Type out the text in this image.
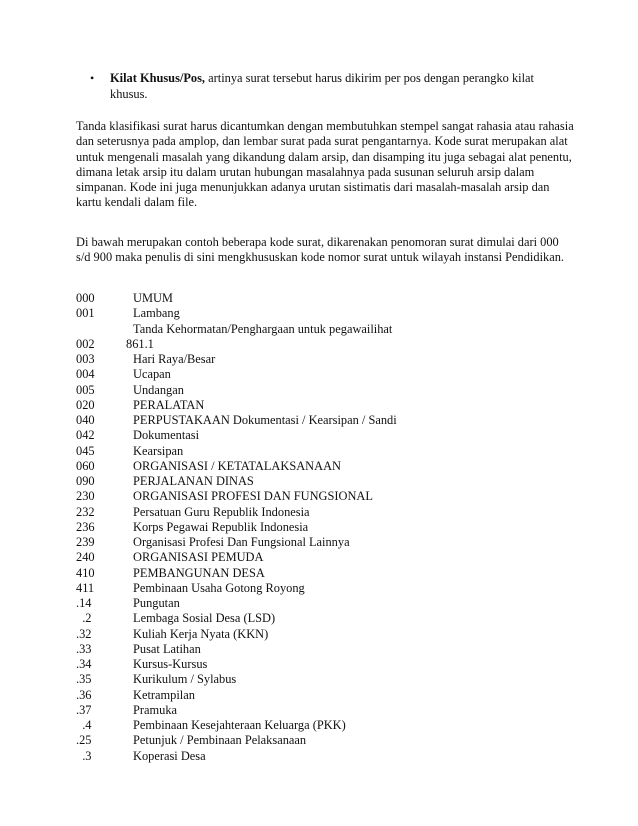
• Kilat Khusus/Pos, artinya surat tersebut harus dikirim per pos dengan perangko kilat khusus.
Tanda klasifikasi surat harus dicantumkan dengan membutuhkan stempel sangat rahasia atau rahasia dan seterusnya pada amplop, dan lembar surat pada surat pengantarnya. Kode surat merupakan alat untuk mengenali masalah yang dikandung dalam arsip, dan disamping itu juga sebagai alat penentu, dimana letak arsip itu dalam urutan hubungan masalahnya pada susunan seluruh arsip dalam simpanan. Kode ini juga menunjukkan adanya urutan sistimatis dari masalah-masalah arsip dan kartu kendali dalam file.
Di bawah merupakan contoh beberapa kode surat, dikarenakan penomoran surat dimulai dari 000 s/d 900 maka penulis di sini mengkhususkan kode nomor surat untuk wilayah instansi Pendidikan.
000	UMUM
001	Lambang
Tanda Kehormatan/Penghargaan untuk pegawailihat
002	861.1
003	Hari Raya/Besar
004	Ucapan
005	Undangan
020	PERALATAN
040	PERPUSTAKAAN Dokumentasi / Kearsipan / Sandi
042	Dokumentasi
045	Kearsipan
060	ORGANISASI / KETATALAKSANAAN
090	PERJALANAN DINAS
230	ORGANISASI PROFESI DAN FUNGSIONAL
232	Persatuan Guru Republik Indonesia
236	Korps Pegawai Republik Indonesia
239	Organisasi Profesi Dan Fungsional Lainnya
240	ORGANISASI PEMUDA
410	PEMBANGUNAN DESA
411	Pembinaan Usaha Gotong Royong
.14	Pungutan
.2	Lembaga Sosial Desa (LSD)
.32	Kuliah Kerja Nyata (KKN)
.33	Pusat Latihan
.34	Kursus-Kursus
.35	Kurikulum / Sylabus
.36	Ketrampilan
.37	Pramuka
.4	Pembinaan Kesejahteraan Keluarga (PKK)
.25	Petunjuk / Pembinaan Pelaksanaan
.3	Koperasi Desa
